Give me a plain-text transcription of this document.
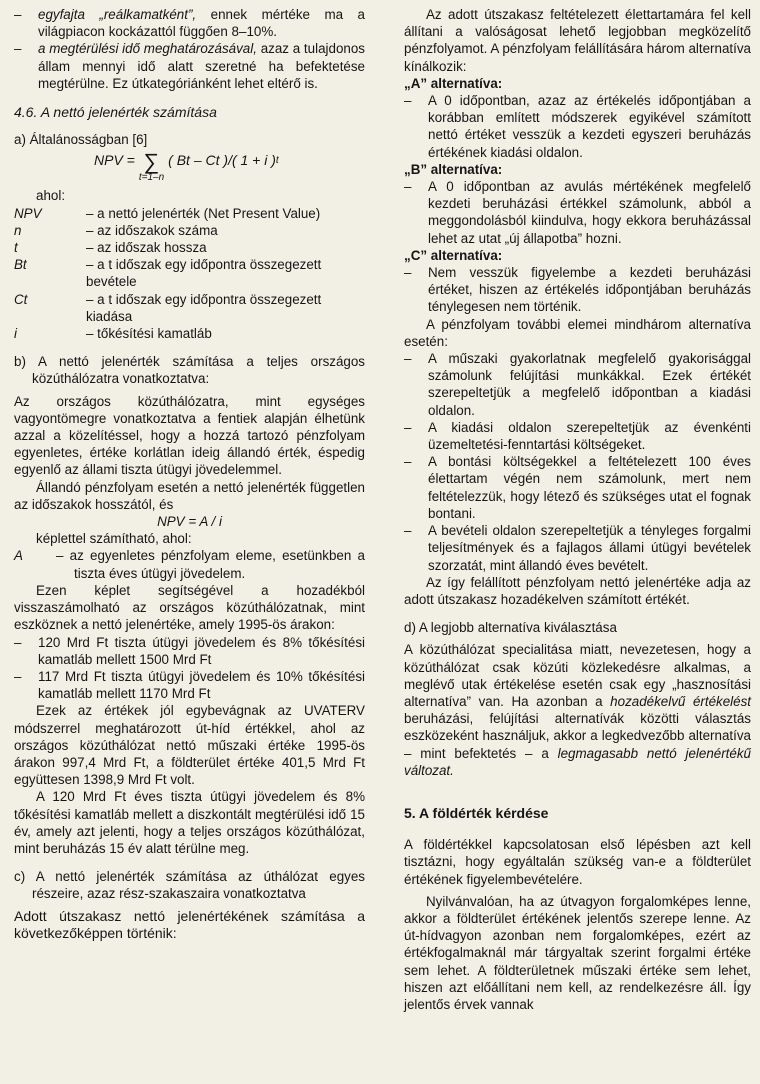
–	egyfajta „reálkamatként”, ennek mértéke ma a világpiacon kockázattól függően 8–10%.
–	a megtérülési idő meghatározásával, azaz a tulajdonos állam mennyi idő alatt szeretné ha befektetése megtérülne. Ez útkategóriánként lehet eltérő is.

4.6. A nettó jelenérték számítása

a) Általánosságban [6]

NPV = ∑
t=1–n
( Bt – Ct )/( 1 + i ) t

ahol:

NPV	– a nettó jelenérték (Net Present Value)
n	– az időszakok száma
t	– az időszak hossza
Bt	– a t időszak egy időpontra összegezett bevétele
Ct	– a t időszak egy időpontra összegezett kiadása
i	– tőkésítési kamatláb

b) A nettó jelenérték számítása a teljes országos közúthálózatra vonatkoztatva:

Az országos közúthálózatra, mint egységes vagyontömegre vonatkoztatva a fentiek alapján élhetünk azzal a közelítéssel, hogy a hozzá tartozó pénzfolyam egyenletes, értéke korlátlan ideig állandó érték, éspedig egyenlő az állami tiszta útügyi jövedelemmel.

Állandó pénzfolyam esetén a nettó jelenérték független az időszakok hosszától, és

NPV = A / i

képlettel számítható, ahol:

A	– az egyenletes pénzfolyam eleme, esetünkben a tiszta éves útügyi jövedelem.

Ezen képlet segítségével a hozadékból visszaszámolható az országos közúthálózatnak, mint eszköznek a nettó jelenértéke, amely 1995-ös árakon:

–	120 Mrd Ft tiszta útügyi jövedelem és 8% tőkésítési kamatláb mellett 1500 Mrd Ft
–	117 Mrd Ft tiszta útügyi jövedelem és 10% tőkésítési kamatláb mellett 1170 Mrd Ft

Ezek az értékek jól egybevágnak az UVATERV módszerrel meghatározott út-híd értékkel, ahol az országos közúthálózat nettó műszaki értéke 1995-ös árakon 997,4 Mrd Ft, a földterület értéke 401,5 Mrd Ft együttesen 1398,9 Mrd Ft volt.

A 120 Mrd Ft éves tiszta útügyi jövedelem és 8% tőkésítési kamatláb mellett a diszkontált megtérülési idő 15 év, amely azt jelenti, hogy a teljes országos közúthálózat, mint beruházás 15 év alatt térülne meg.

c) A nettó jelenérték számítása az úthálózat egyes részeire, azaz rész-szakaszaira vonatkoztatva

Adott útszakasz nettó jelenértékének számítása a következőképpen történik:

Az adott útszakasz feltételezett élettartamára fel kell állítani a valóságosat lehető legjobban megközelítő pénzfolyamot. A pénzfolyam felállítására három alternatíva kínálkozik:

„A” alternatíva:

–	A 0 időpontban, azaz az értékelés időpontjában a korábban említett módszerek egyikével számított nettó értéket vesszük a kezdeti egyszeri beruházás értékének kiadási oldalon.

„B” alternatíva:

–	A 0 időpontban az avulás mértékének megfelelő kezdeti beruházási értékkel számolunk, abból a meggondolásból kiindulva, hogy ekkora beruházással lehet az utat „új állapotba” hozni.

„C” alternatíva:

–	Nem vesszük figyelembe a kezdeti beruházási értéket, hiszen az értékelés időpontjában beruházás ténylegesen nem történik.

A pénzfolyam további elemei mindhárom alternatíva esetén:

–	A műszaki gyakorlatnak megfelelő gyakorisággal számolunk felújítási munkákkal. Ezek értékét szerepeltetjük a megfelelő időpontban a kiadási oldalon.
–	A kiadási oldalon szerepeltetjük az évenkénti üzemeltetési-fenntartási költségeket.
–	A bontási költségekkel a feltételezett 100 éves élettartam végén nem számolunk, mert nem feltételezzük, hogy létező és szükséges utat el fognak bontani.
–	A bevételi oldalon szerepeltetjük a tényleges forgalmi teljesítmények és a fajlagos állami útügyi bevételek szorzatát, mint állandó éves bevételt.

Az így felállított pénzfolyam nettó jelenértéke adja az adott útszakasz hozadékelven számított értékét.

d) A legjobb alternatíva kiválasztása

A közúthálózat specialitása miatt, nevezetesen, hogy a közúthálózat csak közúti közlekedésre alkalmas, a meglévő utak értékelése esetén csak egy „hasznosítási alternatíva” van. Ha azonban a hozadékelvű értékelést beruházási, felújítási alternatívák közötti választás eszközeként használjuk, akkor a legkedvezőbb alternatíva – mint befektetés – a legmagasabb nettó jelenértékű változat.

5. A földérték kérdése

A földértékkel kapcsolatosan első lépésben azt kell tisztázni, hogy egyáltalán szükség van-e a földterület értékének figyelembevételére.

Nyilvánvalóan, ha az útvagyon forgalomképes lenne, akkor a földterület értékének jelentős szerepe lenne. Az út-hídvagyon azonban nem forgalomképes, ezért az értékfogalmaknál már tárgyaltak szerint forgalmi értéke sem lehet. A földterületnek műszaki értéke sem lehet, hiszen azt előállítani nem kell, az rendelkezésre áll. Így jelentős érvek vannak
